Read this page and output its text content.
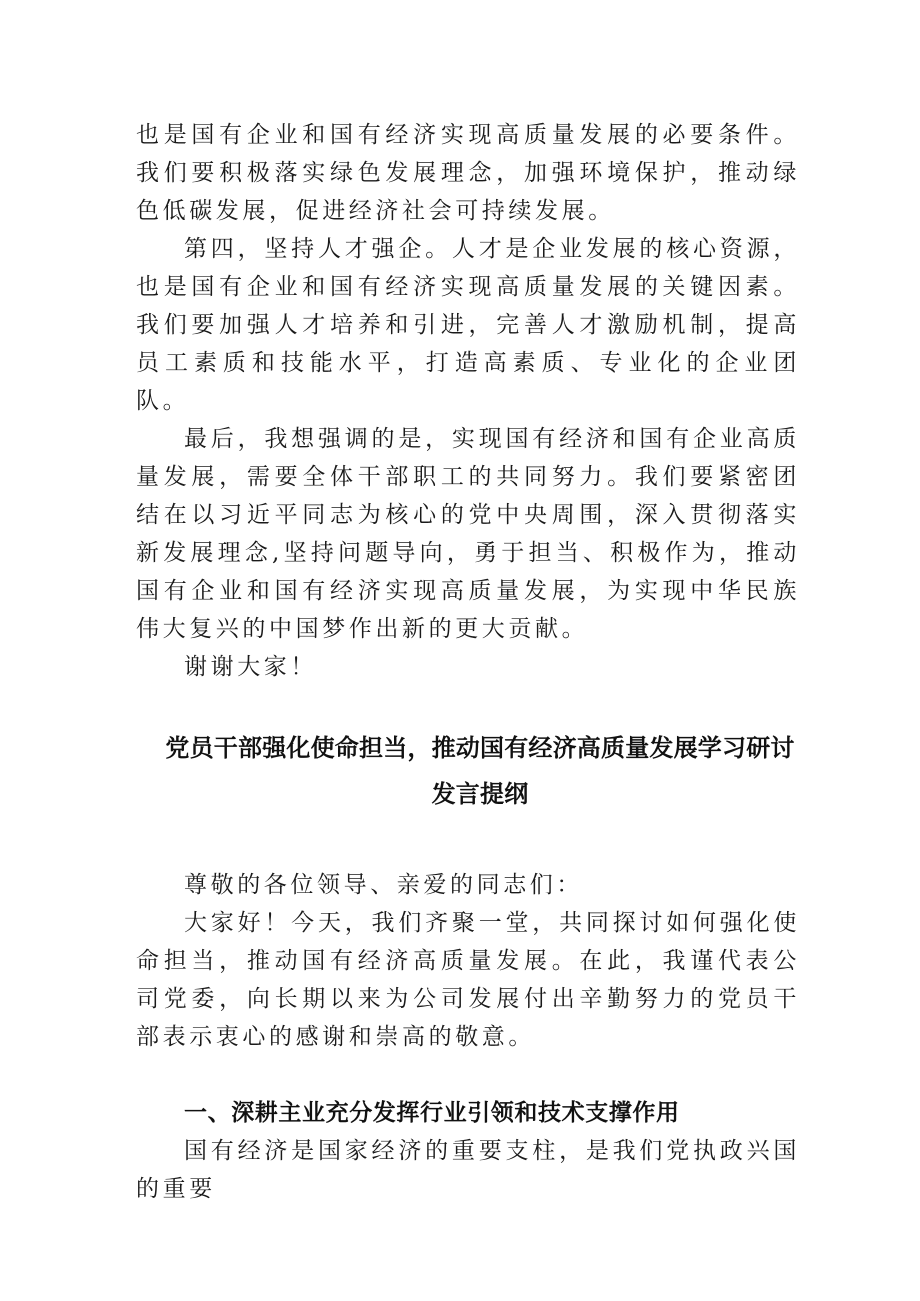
也是国有企业和国有经济实现高质量发展的必要条件。我们要积极落实绿色发展理念，加强环境保护，推动绿色低碳发展，促进经济社会可持续发展。

第四，坚持人才强企。人才是企业发展的核心资源，也是国有企业和国有经济实现高质量发展的关键因素。我们要加强人才培养和引进，完善人才激励机制，提高员工素质和技能水平，打造高素质、专业化的企业团队。

最后，我想强调的是，实现国有经济和国有企业高质量发展，需要全体干部职工的共同努力。我们要紧密团结在以习近平同志为核心的党中央周围，深入贯彻落实新发展理念,坚持问题导向，勇于担当、积极作为，推动国有企业和国有经济实现高质量发展，为实现中华民族伟大复兴的中国梦作出新的更大贡献。

谢谢大家！

党员干部强化使命担当，推动国有经济高质量发展学习研讨
发言提纲

尊敬的各位领导、亲爱的同志们：

大家好！今天，我们齐聚一堂，共同探讨如何强化使命担当，推动国有经济高质量发展。在此，我谨代表公司党委，向长期以来为公司发展付出辛勤努力的党员干部表示衷心的感谢和崇高的敬意。

一、深耕主业充分发挥行业引领和技术支撑作用

国有经济是国家经济的重要支柱，是我们党执政兴国的重要
